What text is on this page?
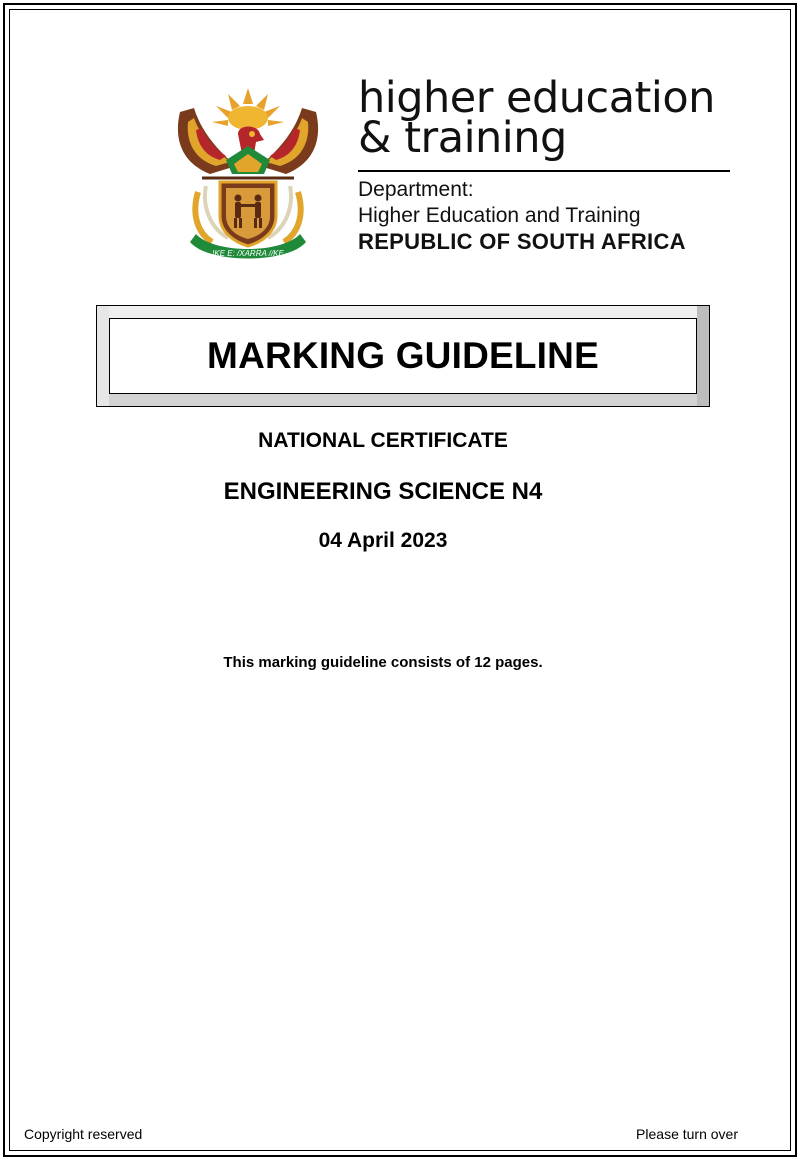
!KE E: /XARRA //KE
higher education
& training
Department:
Higher Education and Training
REPUBLIC OF SOUTH AFRICA
MARKING GUIDELINE
NATIONAL CERTIFICATE
ENGINEERING SCIENCE N4
04 April 2023
This marking guideline consists of 12 pages.
Copyright reserved	Please turn over
